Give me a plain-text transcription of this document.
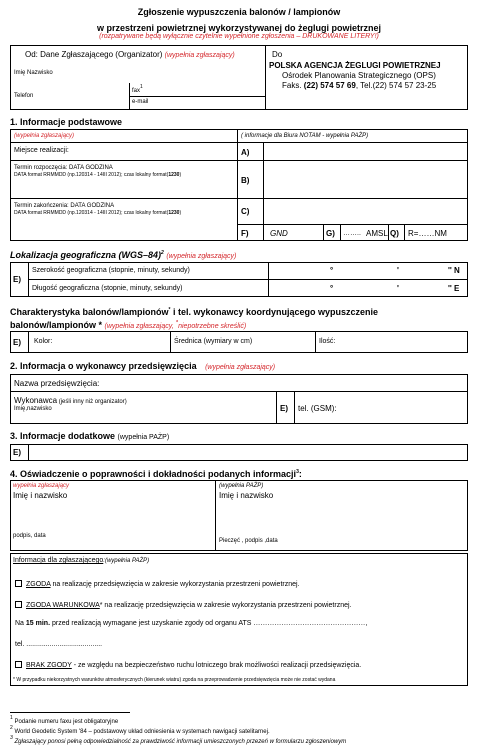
Zgłoszenie wypuszczenia balonów / lampionów
w przestrzeni powietrznej wykorzystywanej do żeglugi powietrznej
(rozpatrywane będą wyłącznie czytelnie wypełnione zgłoszenia – DRUKOWANE LITERY!)
Od: Dane Zgłaszającego (Organizator) (wypełnia zgłaszający)
Imię Nazwisko
Telefon
fax$^1$
e-mail
Do
POLSKA AGENCJA ŻEGLUGI POWIETRZNEJ
Ośrodek Planowania Strategicznego (OPS)
Faks. (22) 574 57 69, Tel.(22) 574 57 23-25
1. Informacje podstawowe
(wypełnia zgłaszający)	( informacje dla Biura NOTAM - wypełnia PAŻP)
Miejsce realizacji:	A)
Termin rozpoczęcia: DATA GODZINA
DATA format RRMMDD (np.120314 - 14III 2012); czas lokalny format(1230)
B)
Termin zakończenia: DATA GODZINA
DATA format RRMMDD (np.120314 - 14III 2012); czas lokalny format(1230)	C)
F)	GND	G) …….. AMSL Q) R=……NM
Lokalizacja geograficzna $(WGS-84)^2$ (wypełnia zgłaszający)
E)
Szerokość geograficzna (stopnie, minuty, sekundy)
Długość geograficzna (stopnie, minuty, sekundy)
°	'	'' N
°	'	'' E
Charakterystyka balonów/lampionów* i tel. wykonawcy koordynującego wypuszczenie
balonów/lampionów * (wypełnia zgłaszający, *niepotrzebne skreślić)
E) Kolor:	Średnica (wymiary w cm)	Ilość:
2. Informacja o wykonawcy przedsięwzięcia (wypełnia zgłaszający)
Nazwa przedsięwzięcia:
Wykonawca (jeśli inny niż organizator)
Imię,nazwisko	E) tel. (GSM):
3. Informacje dodatkowe (wypełnia PAŻP)
E)
4. Oświadczenie o poprawności i dokładności podanych informacji$^3$:
wypełnia zgłaszający
Imię i nazwisko
podpis, data
(wypełnia PAŻP)
Imię i nazwisko
Pieczęć , podpis ,data
Informacja dla zgłaszającego:(wypełnia PAŻP)
ZGODA na realizację przedsięwzięcia w zakresie wykorzystania przestrzeni powietrznej.
ZGODA WARUNKOWA* na realizację przedsięwzięcia w zakresie wykorzystania przestrzeni powietrznej.
Na 15 min. przed realizacją wymagane jest uzyskanie zgody od organu ATS …………………………………………,
tel. .......................................
BRAK ZGODY - ze względu na bezpieczeństwo ruchu lotniczego brak możliwości realizacji przedsięwzięcia.
* W przypadku niekorzystnych warunków atmosferycznych (kierunek wiatru) zgoda na przeprowadzenie przedsięwzięcia może nie zostać wydana
$^1$ Podanie numeru faxu jest obligatoryjne
$^2$ World Geodetic System '84 – podstawowy układ odniesienia w systemach nawigacji satelitarnej.
$^3$ Zgłaszający ponosi pełną odpowiedzialność za prawdziwość informacji umieszczonych przezeń w formularzu zgłoszeniowym
